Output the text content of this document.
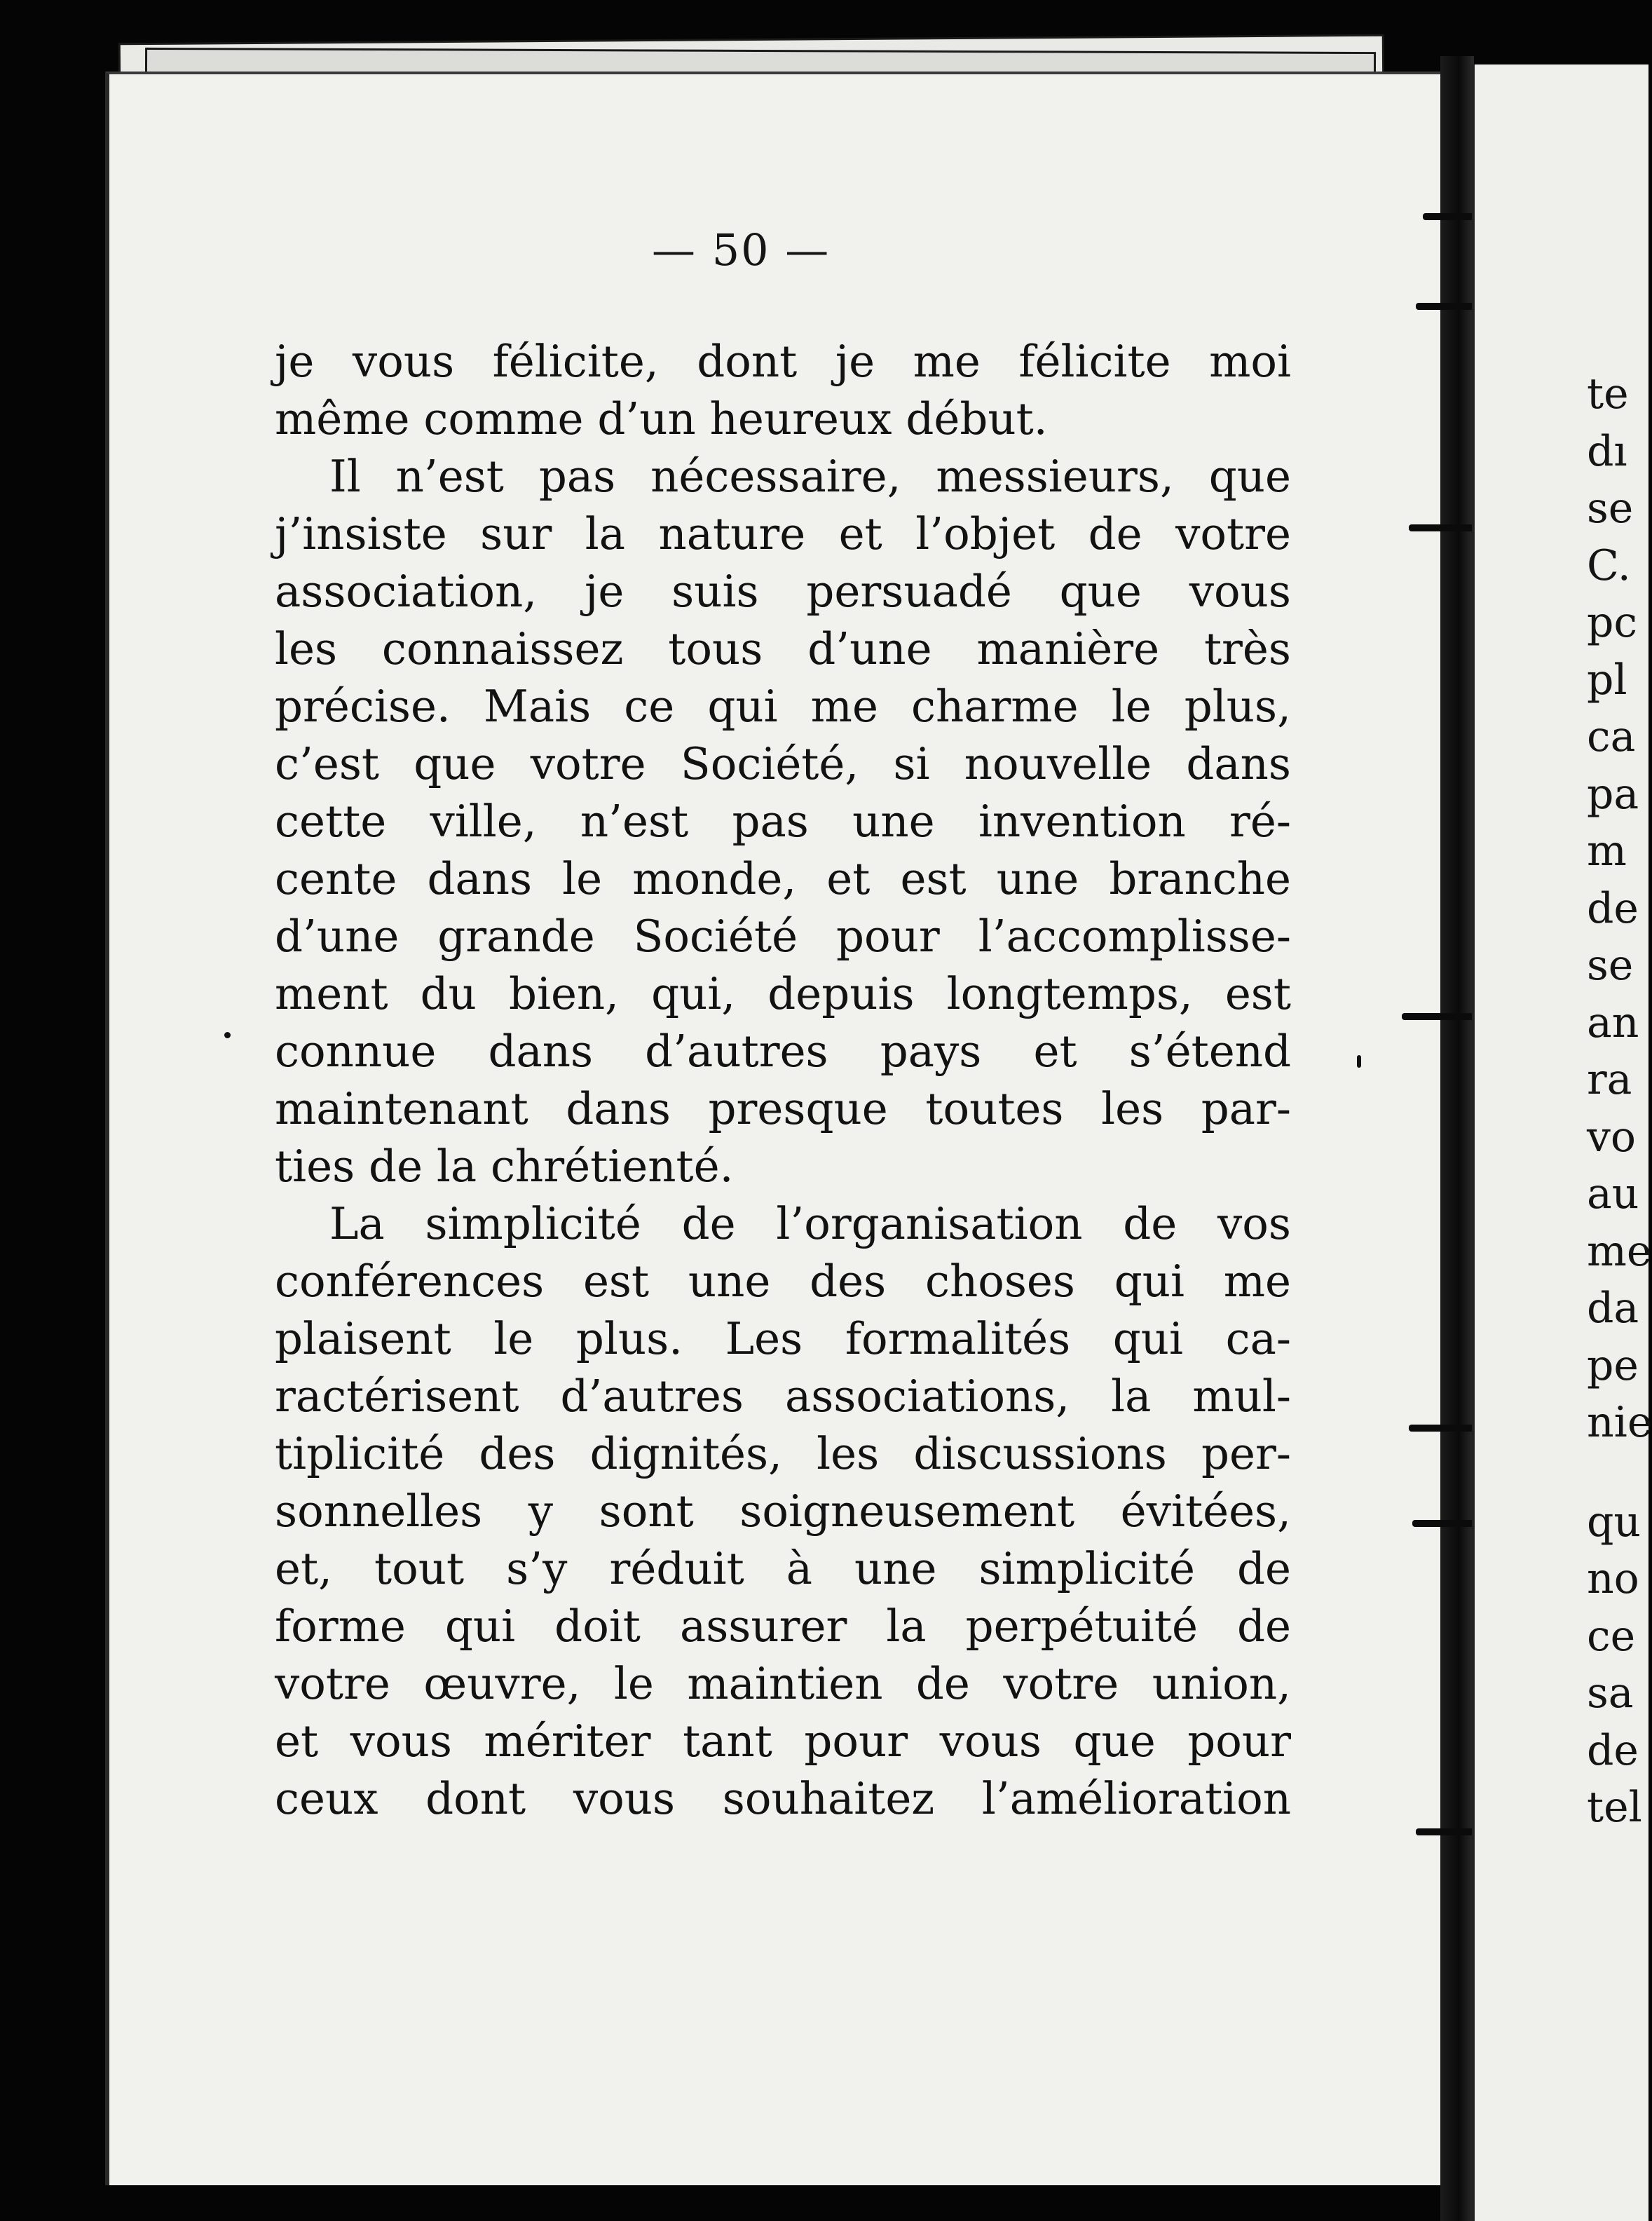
— 50 —
je vous félicite, dont je me félicite moi
même comme d’un heureux début.
Il n’est pas nécessaire, messieurs, que
j’insiste sur la nature et l’objet de votre
association, je suis persuadé que vous
les connaissez tous d’une manière très
précise. Mais ce qui me charme le plus,
c’est que votre Société, si nouvelle dans
cette ville, n’est pas une invention ré-
cente dans le monde, et est une branche
d’une grande Société pour l’accomplisse-
ment du bien, qui, depuis longtemps, est
connue dans d’autres pays et s’étend
maintenant dans presque toutes les par-
ties de la chrétienté.
La simplicité de l’organisation de vos
conférences est une des choses qui me
plaisent le plus. Les formalités qui ca-
ractérisent d’autres associations, la mul-
tiplicité des dignités, les discussions per-
sonnelles y sont soigneusement évitées,
et, tout s’y réduit à une simplicité de
forme qui doit assurer la perpétuité de
votre œuvre, le maintien de votre union,
et vous mériter tant pour vous que pour
ceux dont vous souhaitez l’amélioration
te
dı
se
C.
pc
pl
ca
pa
m
de
se
an
ra
vo
au
me
da
pe
nie
qu
no
ce
sa
de
tel
